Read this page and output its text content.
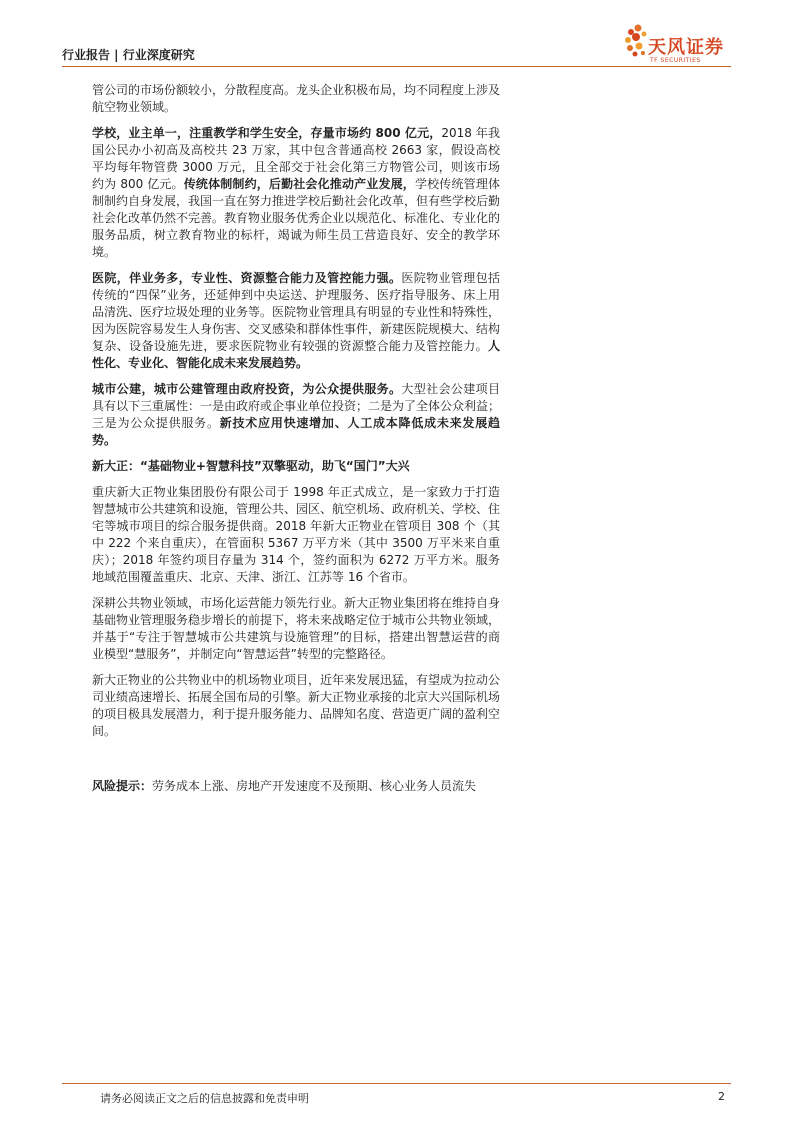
行业报告 | 行业深度研究	天风证券
TF SECURITIES

管公司的市场份额较小，分散程度高。龙头企业积极布局，均不同程度上涉及航空物业领域。

学校，业主单一，注重教学和学生安全，存量市场约 800 亿元，2018 年我国公民办小初高及高校共 23 万家，其中包含普通高校 2663 家，假设高校平均每年物管费 3000 万元，且全部交于社会化第三方物管公司，则该市场约为 800 亿元。传统体制制约，后勤社会化推动产业发展，学校传统管理体制制约自身发展，我国一直在努力推进学校后勤社会化改革，但有些学校后勤社会化改革仍然不完善。教育物业服务优秀企业以规范化、标准化、专业化的服务品质，树立教育物业的标杆，竭诚为师生员工营造良好、安全的教学环境。

医院，伴业务多，专业性、资源整合能力及管控能力强。医院物业管理包括传统的“四保”业务，还延伸到中央运送、护理服务、医疗指导服务、床上用品清洗、医疗垃圾处理的业务等。医院物业管理具有明显的专业性和特殊性，因为医院容易发生人身伤害、交叉感染和群体性事件，新建医院规模大、结构复杂、设备设施先进，要求医院物业有较强的资源整合能力及管控能力。人性化、专业化、智能化成未来发展趋势。

城市公建，城市公建管理由政府投资，为公众提供服务。大型社会公建项目具有以下三重属性：一是由政府或企事业单位投资；二是为了全体公众利益；三是为公众提供服务。新技术应用快速增加、人工成本降低成未来发展趋势。

新大正：“基础物业+智慧科技”双擎驱动，助飞“国门”大兴

重庆新大正物业集团股份有限公司于 1998 年正式成立，是一家致力于打造智慧城市公共建筑和设施，管理公共、园区、航空机场、政府机关、学校、住宅等城市项目的综合服务提供商。2018 年新大正物业在管项目 308 个（其中 222 个来自重庆），在管面积 5367 万平方米（其中 3500 万平米来自重庆）；2018 年签约项目存量为 314 个，签约面积为 6272 万平方米。服务地域范围覆盖重庆、北京、天津、浙江、江苏等 16 个省市。

深耕公共物业领域，市场化运营能力领先行业。新大正物业集团将在维持自身基础物业管理服务稳步增长的前提下，将未来战略定位于城市公共物业领域，并基于“专注于智慧城市公共建筑与设施管理”的目标，搭建出智慧运营的商业模型“慧服务”，并制定向“智慧运营”转型的完整路径。

新大正物业的公共物业中的机场物业项目，近年来发展迅猛，有望成为拉动公司业绩高速增长、拓展全国布局的引擎。新大正物业承接的北京大兴国际机场的项目极具发展潜力，利于提升服务能力、品牌知名度、营造更广阔的盈利空间。

风险提示：劳务成本上涨、房地产开发速度不及预期、核心业务人员流失

请务必阅读正文之后的信息披露和免责申明	2
